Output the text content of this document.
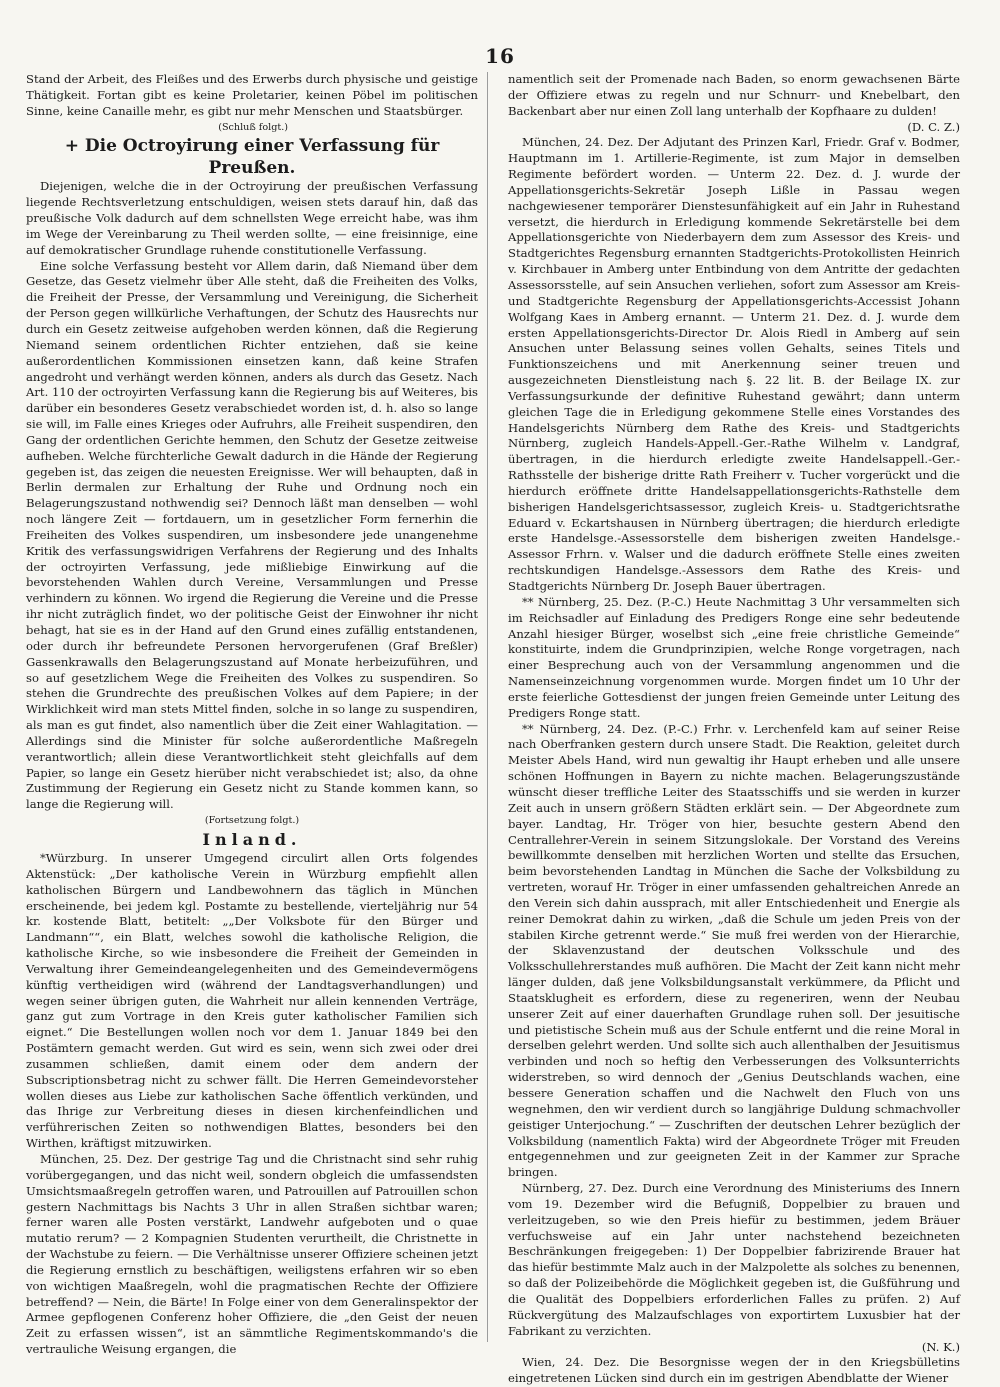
16

Stand der Arbeit, des Fleißes und des Erwerbs durch physische und geistige Thätigkeit. Fortan gibt es keine Proletarier, keinen Pöbel im politischen Sinne, keine Canaille mehr, es gibt nur mehr Menschen und Staatsbürger.

(Schluß folgt.)

+ Die Octroyirung einer Verfassung für Preußen.

Diejenigen, welche die in der Octroyirung der preußischen Verfassung liegende Rechtsverletzung entschuldigen, weisen stets darauf hin, daß das preußische Volk dadurch auf dem schnellsten Wege erreicht habe, was ihm im Wege der Vereinbarung zu Theil werden sollte, — eine freisinnige, eine auf demokratischer Grundlage ruhende constitutionelle Verfassung.

Eine solche Verfassung besteht vor Allem darin, daß Niemand über dem Gesetze, das Gesetz vielmehr über Alle steht, daß die Freiheiten des Volks, die Freiheit der Presse, der Versammlung und Vereinigung, die Sicherheit der Person gegen willkürliche Verhaftungen, der Schutz des Hausrechts nur durch ein Gesetz zeitweise aufgehoben werden können, daß die Regierung Niemand seinem ordentlichen Richter entziehen, daß sie keine außerordentlichen Kommissionen einsetzen kann, daß keine Strafen angedroht und verhängt werden können, anders als durch das Gesetz. Nach Art. 110 der octroyirten Verfassung kann die Regierung bis auf Weiteres, bis darüber ein besonderes Gesetz verabschiedet worden ist, d. h. also so lange sie will, im Falle eines Krieges oder Aufruhrs, alle Freiheit suspendiren, den Gang der ordentlichen Gerichte hemmen, den Schutz der Gesetze zeitweise aufheben. Welche fürchterliche Gewalt dadurch in die Hände der Regierung gegeben ist, das zeigen die neuesten Ereignisse. Wer will behaupten, daß in Berlin dermalen zur Erhaltung der Ruhe und Ordnung noch ein Belagerungszustand nothwendig sei? Dennoch läßt man denselben — wohl noch längere Zeit — fortdauern, um in gesetzlicher Form fernerhin die Freiheiten des Volkes suspendiren, um insbesondere jede unangenehme Kritik des verfassungswidrigen Verfahrens der Regierung und des Inhalts der octroyirten Verfassung, jede mißliebige Einwirkung auf die bevorstehenden Wahlen durch Vereine, Versammlungen und Presse verhindern zu können. Wo irgend die Regierung die Vereine und die Presse ihr nicht zuträglich findet, wo der politische Geist der Einwohner ihr nicht behagt, hat sie es in der Hand auf den Grund eines zufällig entstandenen, oder durch ihr befreundete Personen hervorgerufenen (Graf Breßler) Gassenkrawalls den Belagerungszustand auf Monate herbeizuführen, und so auf gesetzlichem Wege die Freiheiten des Volkes zu suspendiren. So stehen die Grundrechte des preußischen Volkes auf dem Papiere; in der Wirklichkeit wird man stets Mittel finden, solche in so lange zu suspendiren, als man es gut findet, also namentlich über die Zeit einer Wahlagitation. — Allerdings sind die Minister für solche außerordentliche Maßregeln verantwortlich; allein diese Verantwortlichkeit steht gleichfalls auf dem Papier, so lange ein Gesetz hierüber nicht verabschiedet ist; also, da ohne Zustimmung der Regierung ein Gesetz nicht zu Stande kommen kann, so lange die Regierung will.

(Fortsetzung folgt.)

Inland.

*Würzburg. In unserer Umgegend circulirt allen Orts folgendes Aktenstück: „Der katholische Verein in Würzburg empfiehlt allen katholischen Bürgern und Landbewohnern das täglich in München erscheinende, bei jedem kgl. Postamte zu bestellende, vierteljährig nur 54 kr. kostende Blatt, betitelt: „„Der Volksbote für den Bürger und Landmann““, ein Blatt, welches sowohl die katholische Religion, die katholische Kirche, so wie insbesondere die Freiheit der Gemeinden in Verwaltung ihrer Gemeindeangelegenheiten und des Gemeindevermögens künftig vertheidigen wird (während der Landtagsverhandlungen) und wegen seiner übrigen guten, die Wahrheit nur allein kennenden Verträge, ganz gut zum Vortrage in den Kreis guter katholischer Familien sich eignet.“ Die Bestellungen wollen noch vor dem 1. Januar 1849 bei den Postämtern gemacht werden. Gut wird es sein, wenn sich zwei oder drei zusammen schließen, damit einem oder dem andern der Subscriptionsbetrag nicht zu schwer fällt. Die Herren Gemeindevorsteher wollen dieses aus Liebe zur katholischen Sache öffentlich verkünden, und das Ihrige zur Verbreitung dieses in diesen kirchenfeindlichen und verführerischen Zeiten so nothwendigen Blattes, besonders bei den Wirthen, kräftigst mitzuwirken.

München, 25. Dez. Der gestrige Tag und die Christnacht sind sehr ruhig vorübergegangen, und das nicht weil, sondern obgleich die umfassendsten Umsichtsmaaßregeln getroffen waren, und Patrouillen auf Patrouillen schon gestern Nachmittags bis Nachts 3 Uhr in allen Straßen sichtbar waren; ferner waren alle Posten verstärkt, Landwehr aufgeboten und o quae mutatio rerum? — 2 Kompagnien Studenten verurtheilt, die Christnette in der Wachstube zu feiern. — Die Verhältnisse unserer Offiziere scheinen jetzt die Regierung ernstlich zu beschäftigen, weiligstens erfahren wir so eben von wichtigen Maaßregeln, wohl die pragmatischen Rechte der Offiziere betreffend? — Nein, die Bärte! In Folge einer von dem Generalinspektor der Armee gepflogenen Conferenz hoher Offiziere, die „den Geist der neuen Zeit zu erfassen wissen“, ist an sämmtliche Regimentskommando's die vertrauliche Weisung ergangen, die

namentlich seit der Promenade nach Baden, so enorm gewachsenen Bärte der Offiziere etwas zu regeln und nur Schnurr- und Knebelbart, den Backenbart aber nur einen Zoll lang unterhalb der Kopfhaare zu dulden!

(D. C. Z.)

München, 24. Dez. Der Adjutant des Prinzen Karl, Friedr. Graf v. Bodmer, Hauptmann im 1. Artillerie-Regimente, ist zum Major in demselben Regimente befördert worden. — Unterm 22. Dez. d. J. wurde der Appellationsgerichts-Sekretär Joseph Lißle in Passau wegen nachgewiesener temporärer Dienstesunfähigkeit auf ein Jahr in Ruhestand versetzt, die hierdurch in Erledigung kommende Sekretärstelle bei dem Appellationsgerichte von Niederbayern dem zum Assessor des Kreis- und Stadtgerichtes Regensburg ernannten Stadtgerichts-Protokollisten Heinrich v. Kirchbauer in Amberg unter Entbindung von dem Antritte der gedachten Assessorsstelle, auf sein Ansuchen verliehen, sofort zum Assessor am Kreis- und Stadtgerichte Regensburg der Appellationsgerichts-Accessist Johann Wolfgang Kaes in Amberg ernannt. — Unterm 21. Dez. d. J. wurde dem ersten Appellationsgerichts-Director Dr. Alois Riedl in Amberg auf sein Ansuchen unter Belassung seines vollen Gehalts, seines Titels und Funktionszeichens und mit Anerkennung seiner treuen und ausgezeichneten Dienstleistung nach §. 22 lit. B. der Beilage IX. zur Verfassungsurkunde der definitive Ruhestand gewährt; dann unterm gleichen Tage die in Erledigung gekommene Stelle eines Vorstandes des Handelsgerichts Nürnberg dem Rathe des Kreis- und Stadtgerichts Nürnberg, zugleich Handels-Appell.-Ger.-Rathe Wilhelm v. Landgraf, übertragen, in die hierdurch erledigte zweite Handelsappell.-Ger.-Rathsstelle der bisherige dritte Rath Freiherr v. Tucher vorgerückt und die hierdurch eröffnete dritte Handelsappellationsgerichts-Rathstelle dem bisherigen Handelsgerichtsassessor, zugleich Kreis- u. Stadtgerichtsrathe Eduard v. Eckartshausen in Nürnberg übertragen; die hierdurch erledigte erste Handelsge.-Assessorstelle dem bisherigen zweiten Handelsge.-Assessor Frhrn. v. Walser und die dadurch eröffnete Stelle eines zweiten rechtskundigen Handelsge.-Assessors dem Rathe des Kreis- und Stadtgerichts Nürnberg Dr. Joseph Bauer übertragen.

** Nürnberg, 25. Dez. (P.-C.) Heute Nachmittag 3 Uhr versammelten sich im Reichsadler auf Einladung des Predigers Ronge eine sehr bedeutende Anzahl hiesiger Bürger, woselbst sich „eine freie christliche Gemeinde“ konstituirte, indem die Grundprinzipien, welche Ronge vorgetragen, nach einer Besprechung auch von der Versammlung angenommen und die Namenseinzeichnung vorgenommen wurde. Morgen findet um 10 Uhr der erste feierliche Gottesdienst der jungen freien Gemeinde unter Leitung des Predigers Ronge statt.

** Nürnberg, 24. Dez. (P.-C.) Frhr. v. Lerchenfeld kam auf seiner Reise nach Oberfranken gestern durch unsere Stadt. Die Reaktion, geleitet durch Meister Abels Hand, wird nun gewaltig ihr Haupt erheben und alle unsere schönen Hoffnungen in Bayern zu nichte machen. Belagerungszustände wünscht dieser treffliche Leiter des Staatsschiffs und sie werden in kurzer Zeit auch in unsern größern Städten erklärt sein. — Der Abgeordnete zum bayer. Landtag, Hr. Tröger von hier, besuchte gestern Abend den Centrallehrer-Verein in seinem Sitzungslokale. Der Vorstand des Vereins bewillkommte denselben mit herzlichen Worten und stellte das Ersuchen, beim bevorstehenden Landtag in München die Sache der Volksbildung zu vertreten, worauf Hr. Tröger in einer umfassenden gehaltreichen Anrede an den Verein sich dahin aussprach, mit aller Entschiedenheit und Energie als reiner Demokrat dahin zu wirken, „daß die Schule um jeden Preis von der stabilen Kirche getrennt werde.“ Sie muß frei werden von der Hierarchie, der Sklavenzustand der deutschen Volksschule und des Volksschullehrerstandes muß aufhören. Die Macht der Zeit kann nicht mehr länger dulden, daß jene Volksbildungsanstalt verkümmere, da Pflicht und Staatsklugheit es erfordern, diese zu regeneriren, wenn der Neubau unserer Zeit auf einer dauerhaften Grundlage ruhen soll. Der jesuitische und pietistische Schein muß aus der Schule entfernt und die reine Moral in derselben gelehrt werden. Und sollte sich auch allenthalben der Jesuitismus verbinden und noch so heftig den Verbesserungen des Volksunterrichts widerstreben, so wird dennoch der „Genius Deutschlands wachen, eine bessere Generation schaffen und die Nachwelt den Fluch von uns wegnehmen, den wir verdient durch so langjährige Duldung schmachvoller geistiger Unterjochung.“ — Zuschriften der deutschen Lehrer bezüglich der Volksbildung (namentlich Fakta) wird der Abgeordnete Tröger mit Freuden entgegennehmen und zur geeigneten Zeit in der Kammer zur Sprache bringen.

Nürnberg, 27. Dez. Durch eine Verordnung des Ministeriums des Innern vom 19. Dezember wird die Befugniß, Doppelbier zu brauen und verleitzugeben, so wie den Preis hiefür zu bestimmen, jedem Bräuer verfuchsweise auf ein Jahr unter nachstehend bezeichneten Beschränkungen freigegeben: 1) Der Doppelbier fabrizirende Brauer hat das hiefür bestimmte Malz auch in der Malzpolette als solches zu benennen, so daß der Polizeibehörde die Möglichkeit gegeben ist, die Gußführung und die Qualität des Doppelbiers erforderlichen Falles zu prüfen. 2) Auf Rückvergütung des Malzaufschlages von exportirtem Luxusbier hat der Fabrikant zu verzichten.

(N. K.)

Wien, 24. Dez. Die Besorgnisse wegen der in den Kriegsbülletins eingetretenen Lücken sind durch ein im gestrigen Abendblatte der Wiener
